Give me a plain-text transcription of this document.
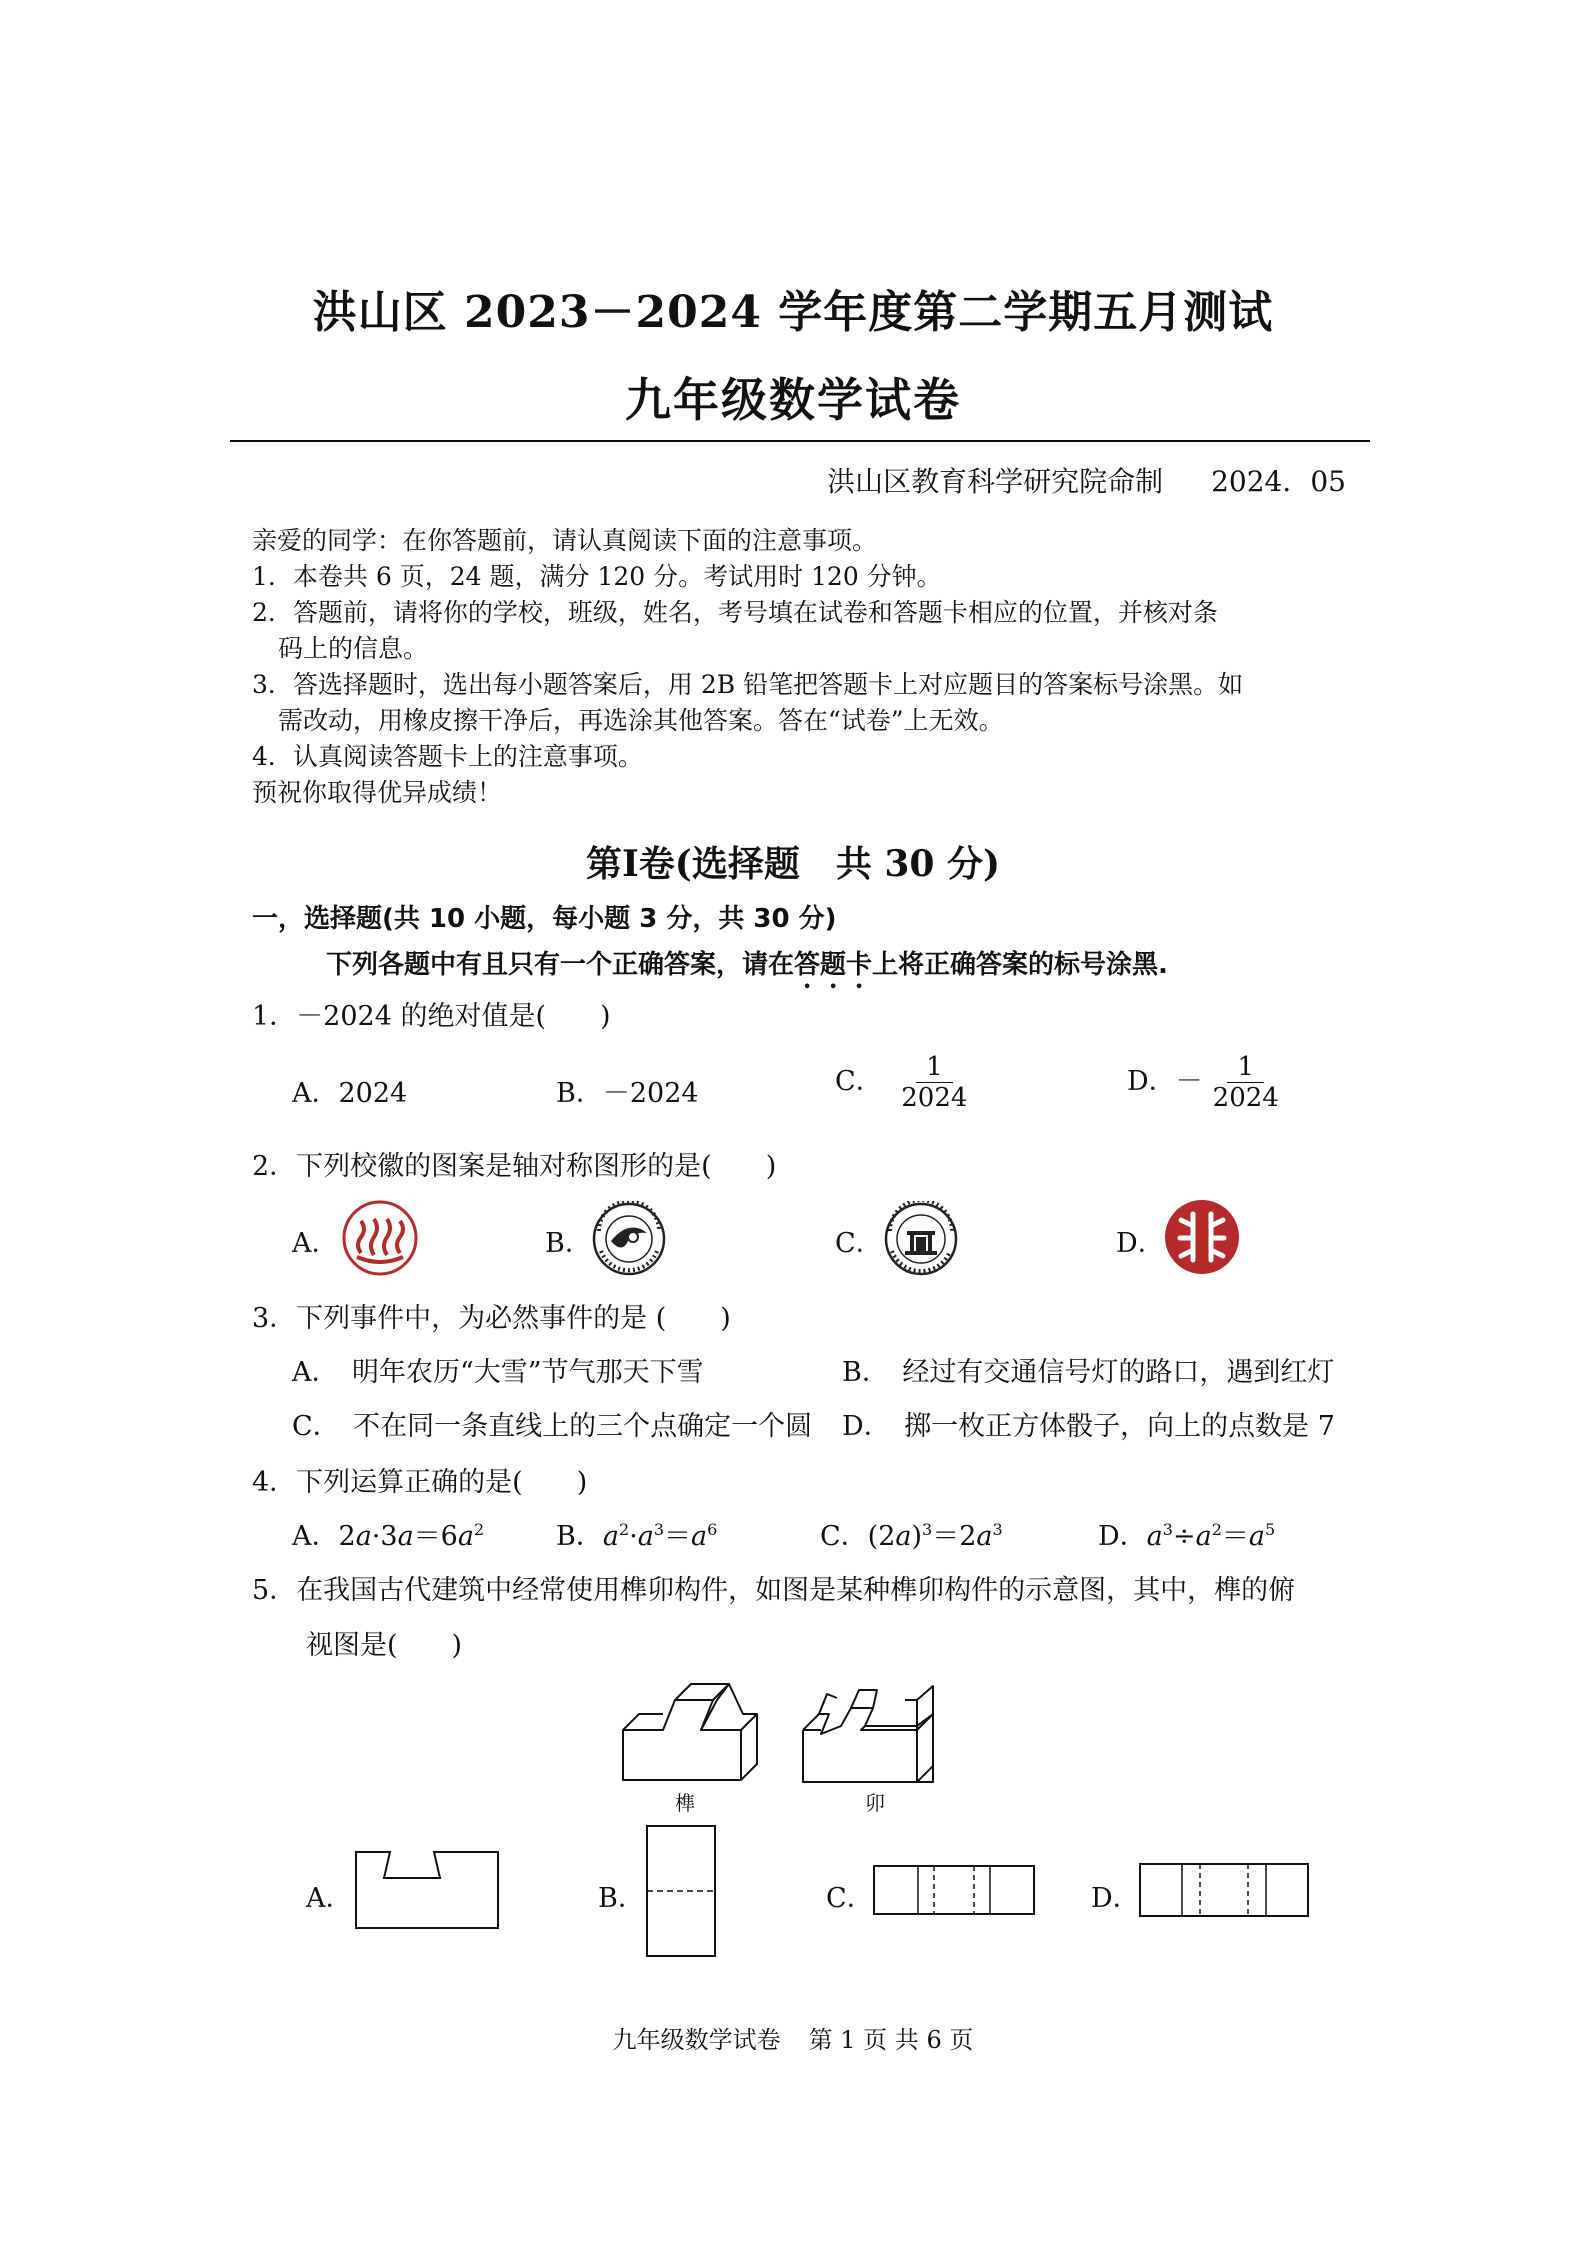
洪山区 2023－2024 学年度第二学期五月测试
九年级数学试卷
洪山区教育科学研究院命制 2024．05
亲爱的同学：在你答题前，请认真阅读下面的注意事项。
1．本卷共 6 页，24 题，满分 120 分。考试用时 120 分钟。
2．答题前，请将你的学校，班级，姓名，考号填在试卷和答题卡相应的位置，并核对条
码上的信息。
3．答选择题时，选出每小题答案后，用 2B 铅笔把答题卡上对应题目的答案标号涂黑。如
需改动，用橡皮擦干净后，再选涂其他答案。答在“试卷”上无效。
4．认真阅读答题卡上的注意事项。
预祝你取得优异成绩！
第Ⅰ卷(选择题　共 30 分)
一，选择题(共 10 小题，每小题 3 分，共 30 分)
下列各题中有且只有一个正确答案，请在答题卡上将正确答案的标号涂黑.
1．－2024 的绝对值是(　　)
A．2024	B．－2024	C． $\frac{1}{2024}$	D．－ $\frac{1}{2024}$
2．下列校徽的图案是轴对称图形的是(　　)
A．	B．	C．	D．
3．下列事件中，为必然事件的是 (　　)
A．　明年农历“大雪”节气那天下雪	B．　经过有交通信号灯的路口，遇到红灯
C．　不在同一条直线上的三个点确定一个圆 D．　掷一枚正方体骰子，向上的点数是 7
4．下列运算正确的是(　　)
A．$2a\cdot 3a=6a^2$	B．$a^2\cdot a^3=a^6$	C．$(2a)^3=2a^3$	D．$a^3\div a^2=a^5$
5．在我国古代建筑中经常使用榫卯构件，如图是某种榫卯构件的示意图，其中，榫的俯
视图是(　　)
榫	卯
A．	B．	C．	D．
九年级数学试卷 第 1 页 共 6 页
